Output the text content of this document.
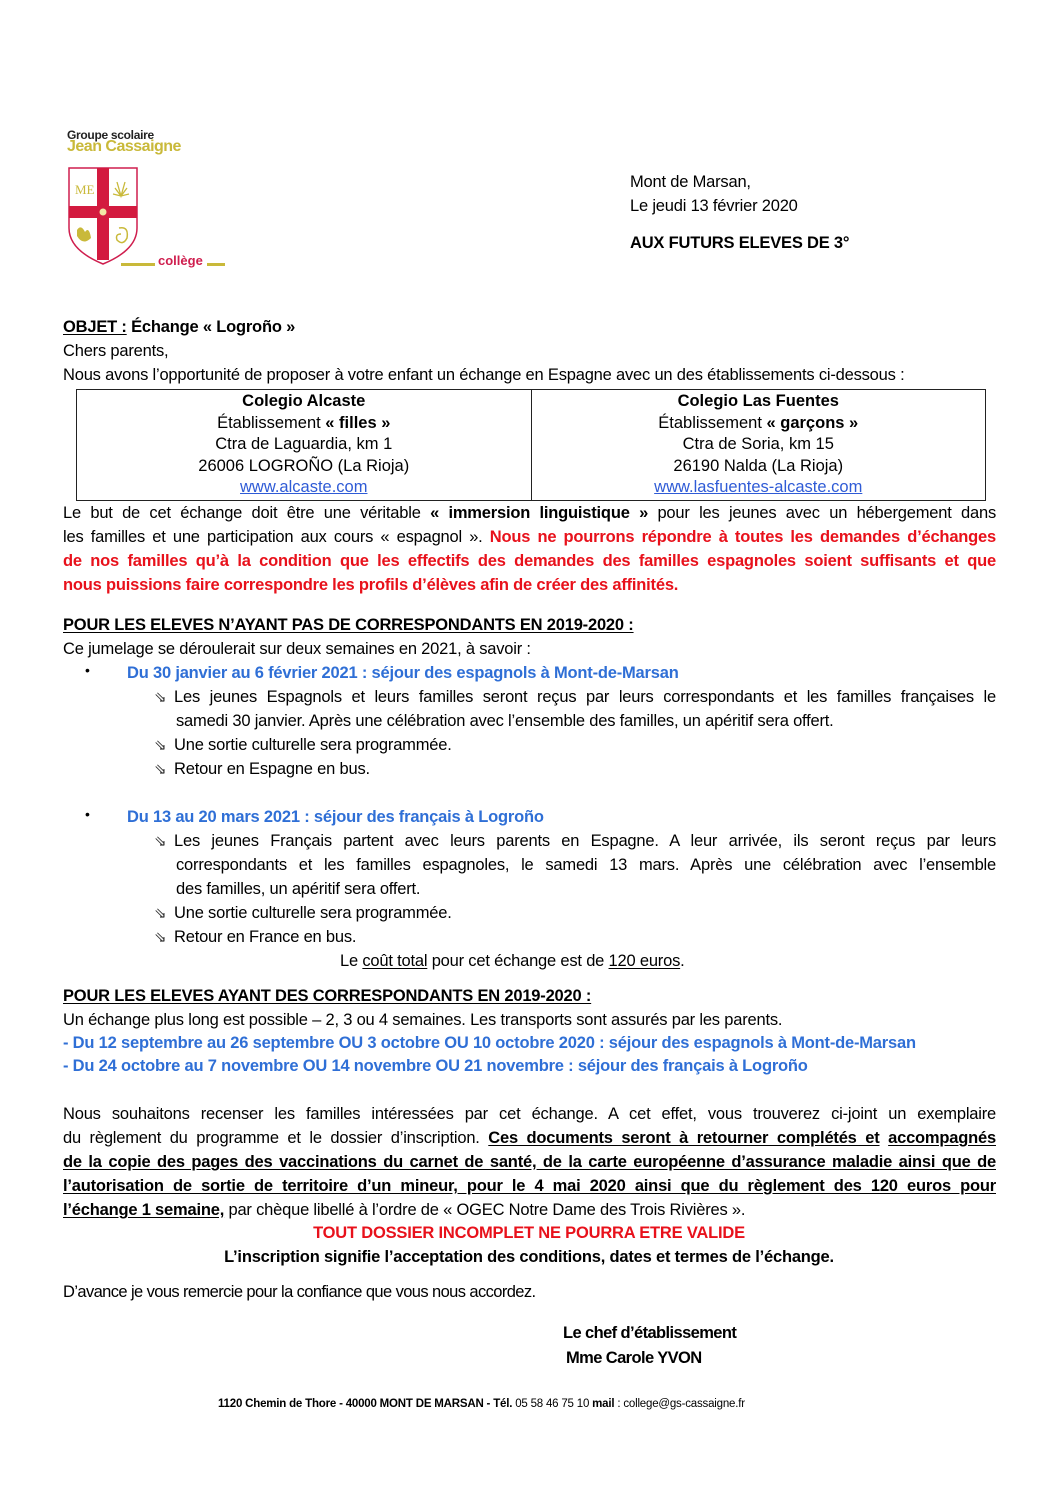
Groupe scolaire
Jean Cassaigne
ME
collège
Mont de Marsan,
Le jeudi 13 février 2020
AUX FUTURS ELEVES DE 3°
OBJET : Échange « Logroño »
Chers parents,
Nous avons l’opportunité de proposer à votre enfant un échange en Espagne avec un des établissements ci-dessous :
Colegio Alcaste
Établissement « filles »
Ctra de Laguardia, km 1
26006 LOGROÑO (La Rioja)
www.alcaste.com
Colegio Las Fuentes
Établissement « garçons »
Ctra de Soria, km 15
26190 Nalda (La Rioja)
www.lasfuentes-alcaste.com
Le but de cet échange doit être une véritable « immersion linguistique » pour les jeunes avec un hébergement dans
les familles et une participation aux cours « espagnol ». Nous ne pourrons répondre à toutes les demandes d’échanges
de nos familles qu’à la condition que les effectifs des demandes des familles espagnoles soient suffisants et que
nous puissions faire correspondre les profils d’élèves afin de créer des affinités.
POUR LES ELEVES N’AYANT PAS DE CORRESPONDANTS EN 2019-2020 :
Ce jumelage se déroulerait sur deux semaines en 2021, à savoir :
• Du 30 janvier au 6 février 2021 : séjour des espagnols à Mont-de-Marsan
⇘ Les jeunes Espagnols et leurs familles seront reçus par leurs correspondants et les familles françaises le
samedi 30 janvier. Après une célébration avec l’ensemble des familles, un apéritif sera offert.
⇘ Une sortie culturelle sera programmée.
⇘ Retour en Espagne en bus.
• Du 13 au 20 mars 2021 : séjour des français à Logroño
⇘ Les jeunes Français partent avec leurs parents en Espagne. A leur arrivée, ils seront reçus par leurs
correspondants et les familles espagnoles, le samedi 13 mars. Après une célébration avec l’ensemble
des familles, un apéritif sera offert.
⇘ Une sortie culturelle sera programmée.
⇘ Retour en France en bus.
Le coût total pour cet échange est de 120 euros.
POUR LES ELEVES AYANT DES CORRESPONDANTS EN 2019-2020 :
Un échange plus long est possible – 2, 3 ou 4 semaines. Les transports sont assurés par les parents.
- Du 12 septembre au 26 septembre OU 3 octobre OU 10 octobre 2020 : séjour des espagnols à Mont-de-Marsan
- Du 24 octobre au 7 novembre OU 14 novembre OU 21 novembre : séjour des français à Logroño
Nous souhaitons recenser les familles intéressées par cet échange. A cet effet, vous trouverez ci-joint un exemplaire
du règlement du programme et le dossier d’inscription. Ces documents seront à retourner complétés et accompagnés
de la copie des pages des vaccinations du carnet de santé, de la carte européenne d’assurance maladie ainsi que de
l’autorisation de sortie de territoire d’un mineur, pour le 4 mai 2020 ainsi que du règlement des 120 euros pour
l’échange 1 semaine, par chèque libellé à l’ordre de « OGEC Notre Dame des Trois Rivières ».
TOUT DOSSIER INCOMPLET NE POURRA ETRE VALIDE
L’inscription signifie l’acceptation des conditions, dates et termes de l’échange.
D’avance je vous remercie pour la confiance que vous nous accordez.
Le chef d’établissement
Mme Carole YVON
1120 Chemin de Thore - 40000 MONT DE MARSAN - Tél. 05 58 46 75 10 mail : college@gs-cassaigne.fr
